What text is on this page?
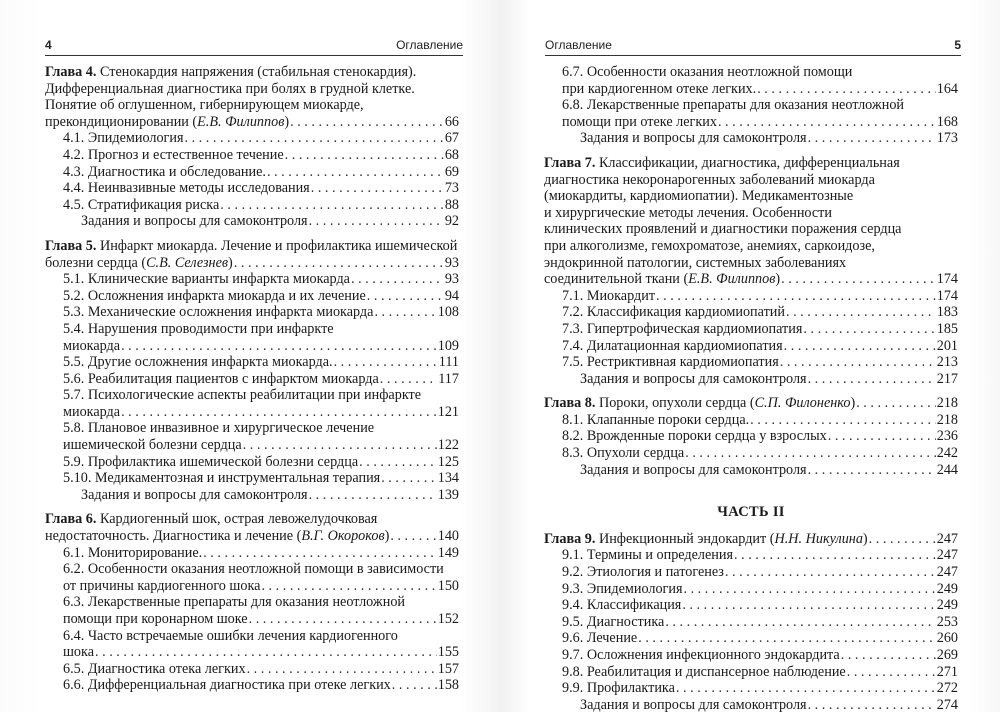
4	Оглавление
Глава 4. Стенокардия напряжения (стабильная стенокардия).
Дифференциальная диагностика при болях в грудной клетке.
Понятие об оглушенном, гибернирующем миокарде,
прекондиционировании (Е.В. Филиппов) . . .	66
4.1. Эпидемиология . . .	67
4.2. Прогноз и естественное течение . . .	68
4.3. Диагностика и обследование. . . .	69
4.4. Неинвазивные методы исследования . . .	73
4.5. Стратификация риска . . .	88
Задания и вопросы для самоконтроля . . .	92
Глава 5. Инфаркт миокарда. Лечение и профилактика ишемической
болезни сердца (С.В. Селезнев) . . .	93
5.1. Клинические варианты инфаркта миокарда . . .	93
5.2. Осложнения инфаркта миокарда и их лечение . . .	94
5.3. Механические осложнения инфаркта миокарда . . .	108
5.4. Нарушения проводимости при инфаркте
миокарда . . .	109
5.5. Другие осложнения инфаркта миокарда. . . .	111
5.6. Реабилитация пациентов с инфарктом миокарда . . .	117
5.7. Психологические аспекты реабилитации при инфаркте
миокарда . . .	121
5.8. Плановое инвазивное и хирургическое лечение
ишемической болезни сердца . . .	122
5.9. Профилактика ишемической болезни сердца . . .	125
5.10. Медикаментозная и инструментальная терапия . . .	134
Задания и вопросы для самоконтроля . . .	139
Глава 6. Кардиогенный шок, острая левожелудочковая
недостаточность. Диагностика и лечение (В.Г. Окороков) . . .	140
6.1. Мониторирование. . . .	149
6.2. Особенности оказания неотложной помощи в зависимости
от причины кардиогенного шока . . .	150
6.3. Лекарственные препараты для оказания неотложной
помощи при коронарном шоке . . .	152
6.4. Часто встречаемые ошибки лечения кардиогенного
шока . . .	155
6.5. Диагностика отека легких . . .	157
6.6. Дифференциальная диагностика при отеке легких . . .	158
Оглавление	5
6.7. Особенности оказания неотложной помощи
при кардиогенном отеке легких. . . .	164
6.8. Лекарственные препараты для оказания неотложной
помощи при отеке легких . . .	168
Задания и вопросы для самоконтроля . . .	173
Глава 7. Классификации, диагностика, дифференциальная
диагностика некоронарогенных заболеваний миокарда
(миокардиты, кардиомиопатии). Медикаментозные
и хирургические методы лечения. Особенности
клинических проявлений и диагностики поражения сердца
при алкоголизме, гемохроматозе, анемиях, саркоидозе,
эндокринной патологии, системных заболеваниях
соединительной ткани (Е.В. Филиппов) . . .	174
7.1. Миокардит . . .	174
7.2. Классификация кардиомиопатий . . .	183
7.3. Гипертрофическая кардиомиопатия . . .	185
7.4. Дилатационная кардиомиопатия . . .	201
7.5. Рестриктивная кардиомиопатия . . .	213
Задания и вопросы для самоконтроля . . .	217
Глава 8. Пороки, опухоли сердца (С.П. Филоненко) . . .	218
8.1. Клапанные пороки сердца. . . .	218
8.2. Врожденные пороки сердца у взрослых . . .	236
8.3. Опухоли сердца . . .	242
Задания и вопросы для самоконтроля . . .	244
ЧАСТЬ II
Глава 9. Инфекционный эндокардит (Н.Н. Никулина) . . .	247
9.1. Термины и определения . . .	247
9.2. Этиология и патогенез . . .	247
9.3. Эпидемиология . . .	249
9.4. Классификация . . .	249
9.5. Диагностика . . .	253
9.6. Лечение . . .	260
9.7. Осложнения инфекционного эндокардита . . .	269
9.8. Реабилитация и диспансерное наблюдение . . .	271
9.9. Профилактика . . .	272
Задания и вопросы для самоконтроля . . .	274
